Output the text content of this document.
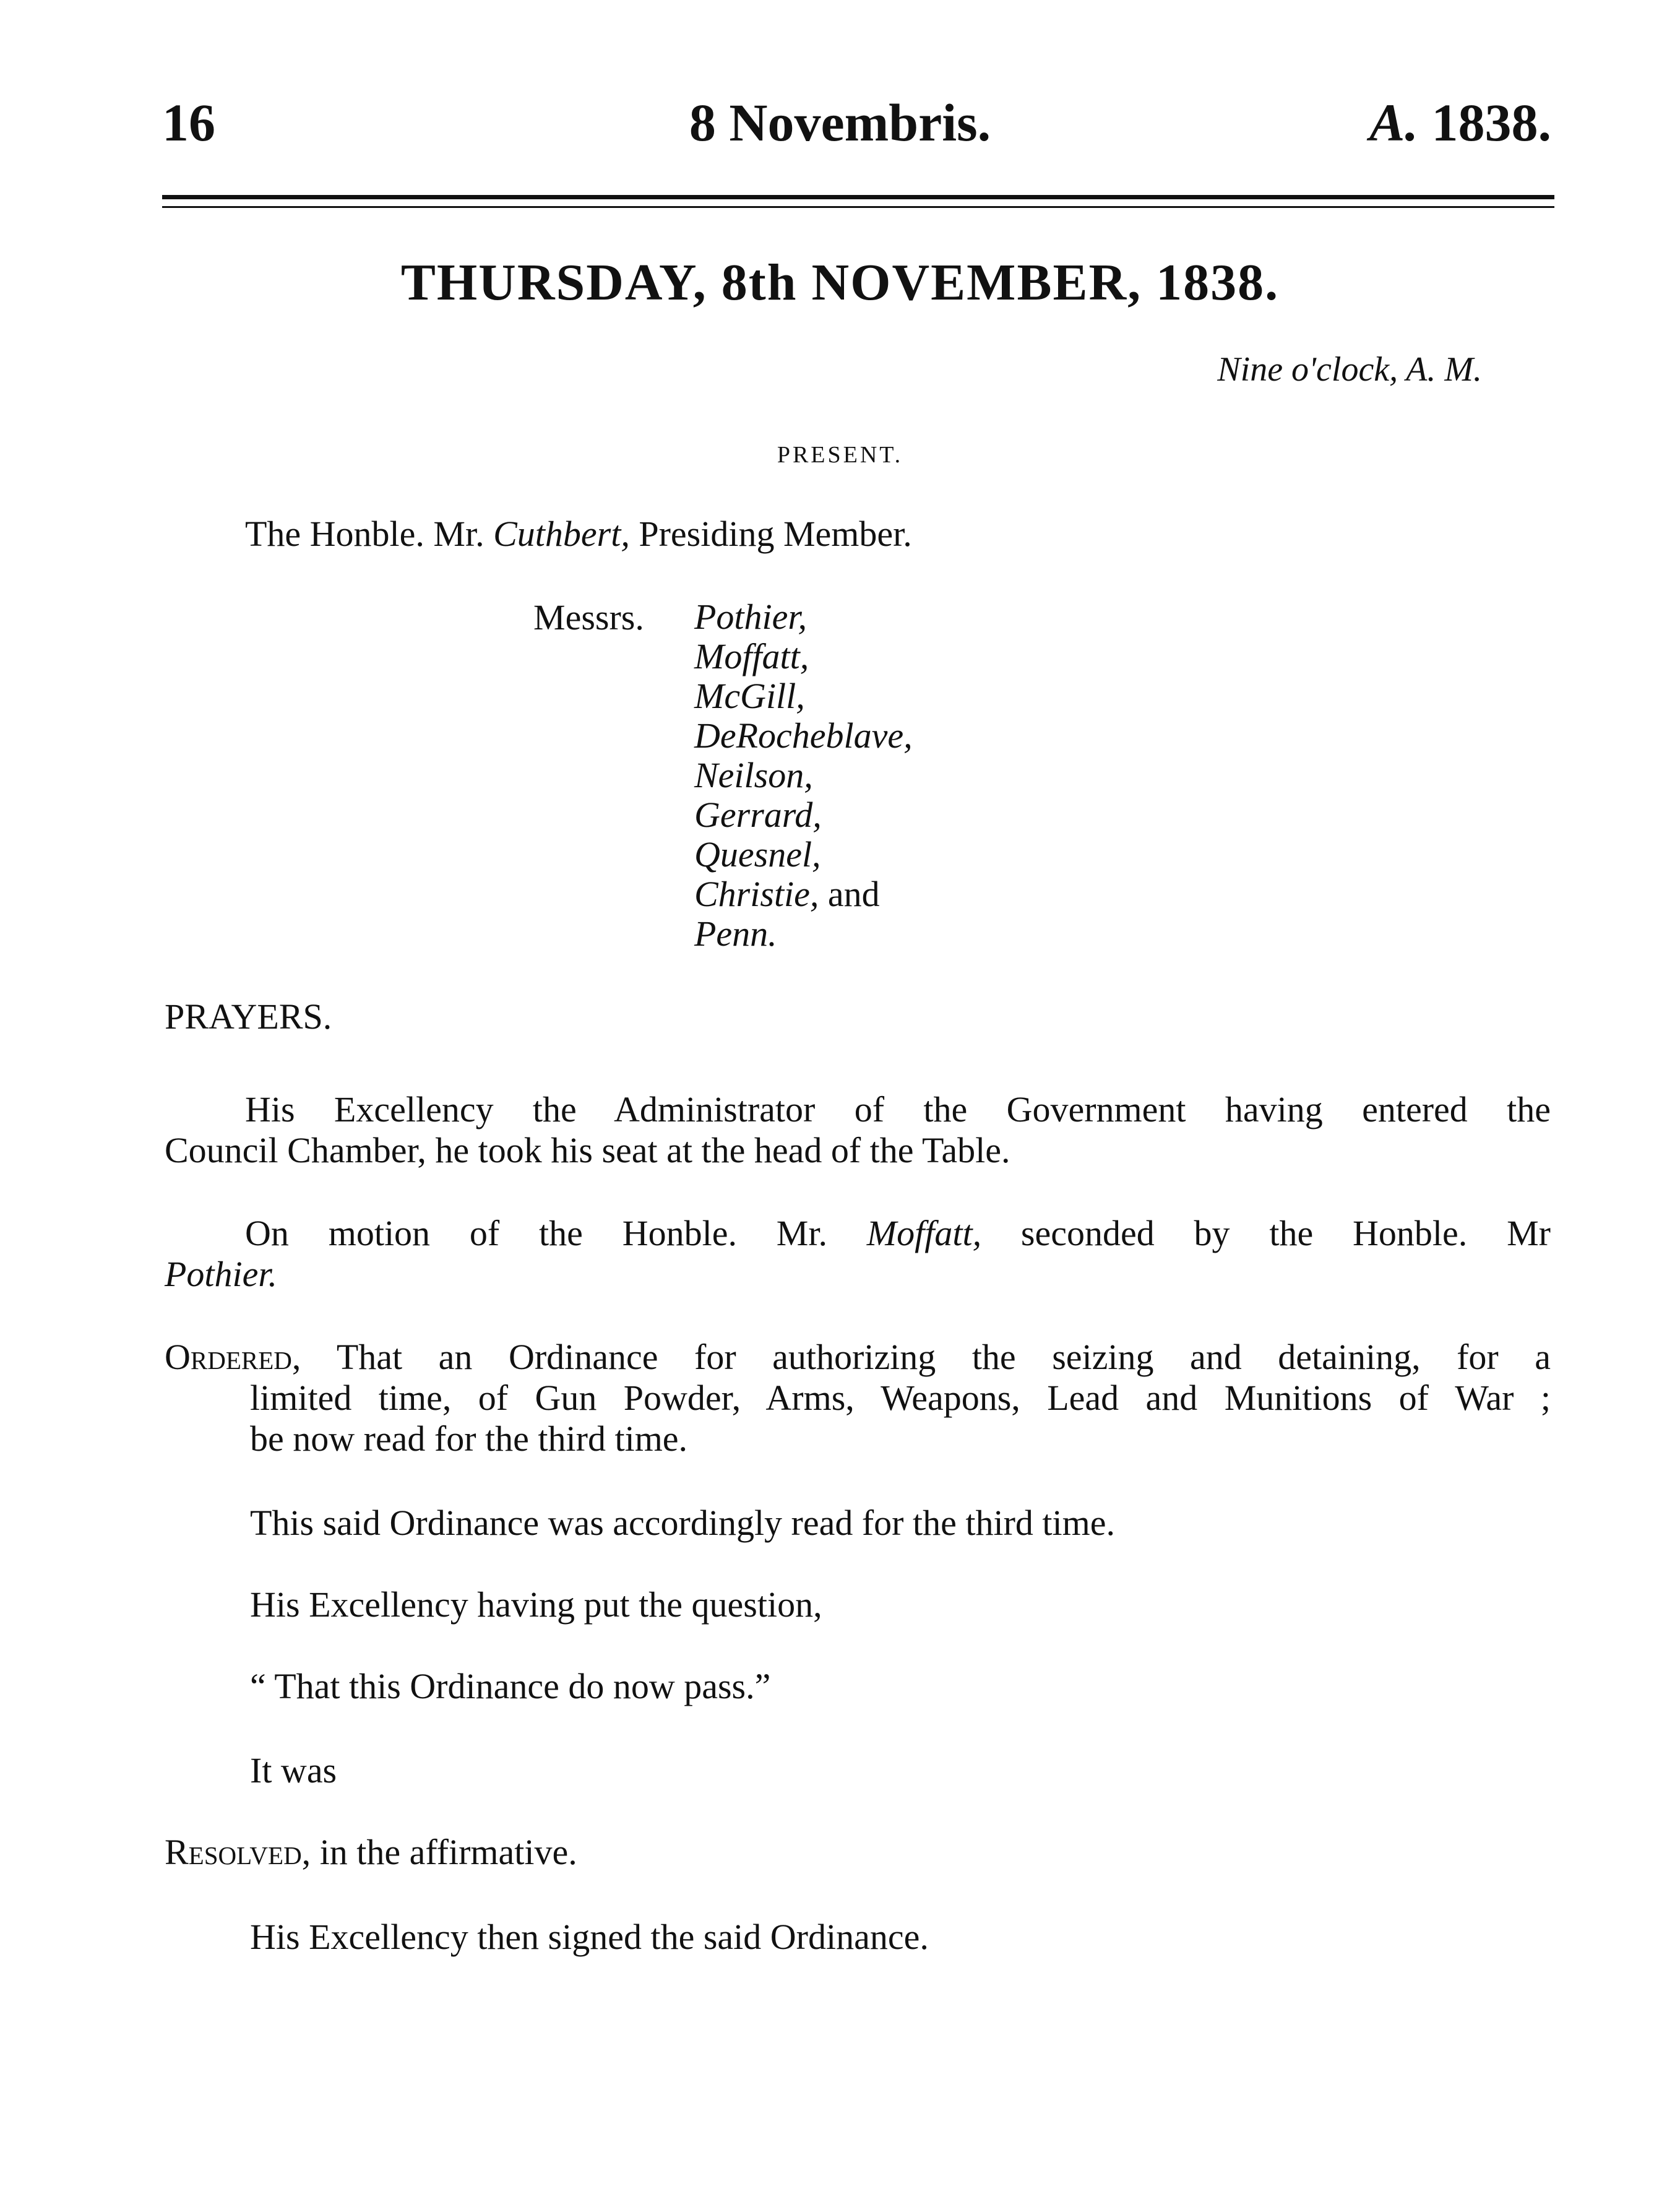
16	8 Novembris.	A. 1838.
THURSDAY, 8th NOVEMBER, 1838.
Nine o'clock, A. M.
PRESENT.
The Honble. Mr. Cuthbert, Presiding Member.
Messrs. Pothier,
Moffatt,
McGill,
DeRocheblave,
Neilson,
Gerrard,
Quesnel,
Christie, and
Penn.
PRAYERS.
His Excellency the Administrator of the Government having entered the
Council Chamber, he took his seat at the head of the Table.
On motion of the Honble. Mr. Moffatt, seconded by the Honble. Mr
Pothier.
Ordered, That an Ordinance for authorizing the seizing and detaining, for a
limited time, of Gun Powder, Arms, Weapons, Lead and Munitions of War ;
be now read for the third time.
This said Ordinance was accordingly read for the third time.
His Excellency having put the question,
“ That this Ordinance do now pass.”
It was
Resolved, in the affirmative.
His Excellency then signed the said Ordinance.
